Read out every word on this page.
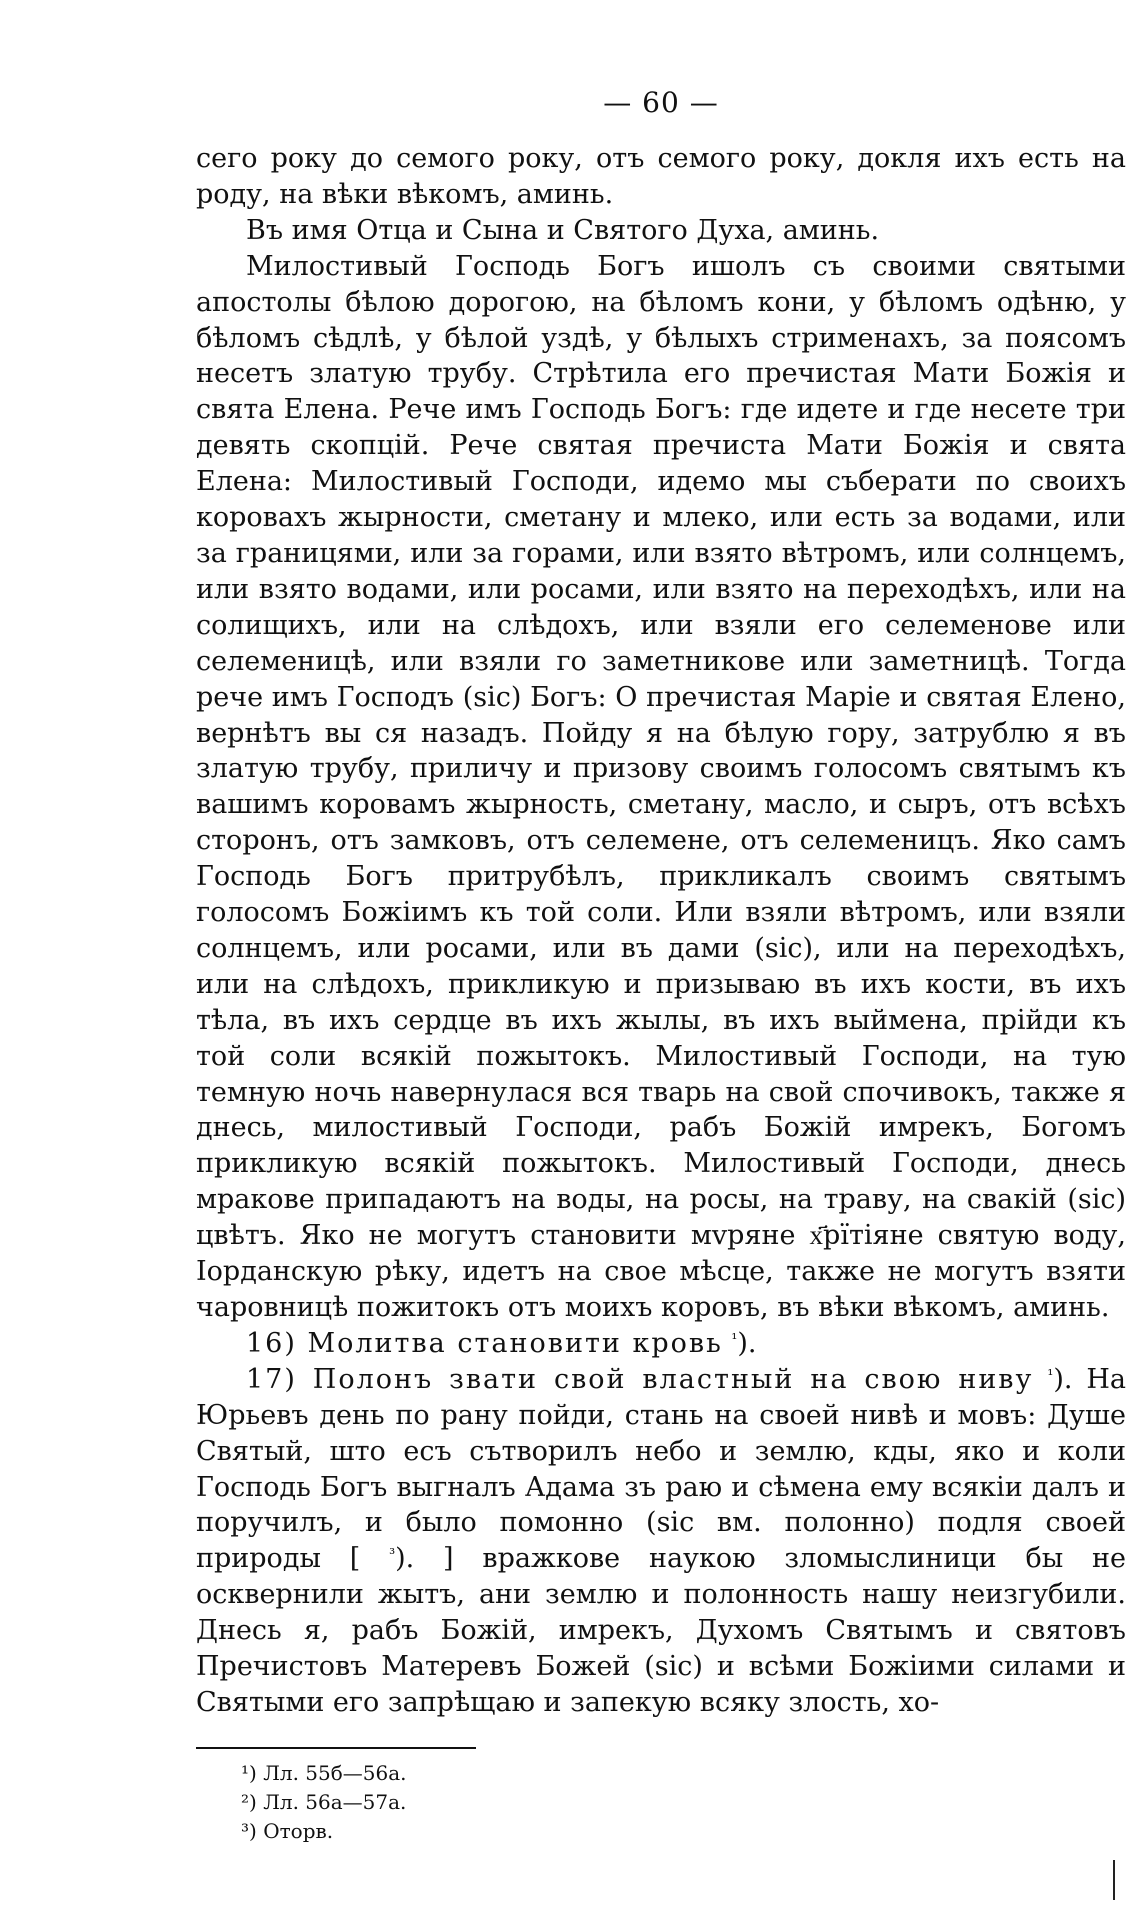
— 60 —

сего року до семого року, отъ семого року, докля ихъ есть на роду, на вѣки вѣкомъ, аминь.

Въ имя Отца и Сына и Святого Духа, аминь.

Милостивый Господь Богъ ишолъ съ своими святыми апостолы бѣлою дорогою, на бѣломъ кони, у бѣломъ одѣню, у бѣломъ сѣдлѣ, у бѣлой уздѣ, у бѣлыхъ стрименахъ, за поясомъ несетъ златую трубу. Стрѣтила его пречистая Мати Божія и свята Елена. Рече имъ Господь Богъ: где идете и где несете три девять скопцій. Рече святая пречиста Мати Божія и свята Елена: Милостивый Господи, идемо мы съберати по своихъ коровахъ жырности, сметану и млеко, или есть за водами, или за границями, или за горами, или взято вѣтромъ, или солнцемъ, или взято водами, или росами, или взято на переходѣхъ, или на солищихъ, или на слѣдохъ, или взяли его селеменове или селеменицѣ, или взяли го заметникове или заметницѣ. Тогда рече имъ Господъ (sic) Богъ: О пречистая Маріе и святая Елено, вернѣтъ вы ся назадъ. Пойду я на бѣлую гору, затрублю я въ златую трубу, приличу и призову своимъ голосомъ святымъ къ вашимъ коровамъ жырность, сметану, масло, и сыръ, отъ всѣхъ сторонъ, отъ замковъ, отъ селемене, отъ селеменицъ. Яко самъ Господь Богъ притрубѣлъ, прикликалъ своимъ святымъ голосомъ Божіимъ къ той соли. Или взяли вѣтромъ, или взяли солнцемъ, или росами, или въ дами (sic), или на переходѣхъ, или на слѣдохъ, прикликую и призываю въ ихъ кости, въ ихъ тѣла, въ ихъ сердце въ ихъ жылы, въ ихъ выймена, прійди къ той соли всякій пожытокъ. Милостивый Господи, на тую темную ночь навернулася вся тварь на свой спочивокъ, также я днесь, милостивый Господи, рабъ Божій имрекъ, Богомъ прикликую всякій пожытокъ. Милостивый Господи, днесь мракове припадаютъ на воды, на росы, на траву, на свакій (sic) цвѣтъ. Яко не могутъ становити мvряне х҃рїтiяне святую воду, Іорданскую рѣку, идетъ на свое мѣсце, также не могутъ взяти чаровницѣ пожитокъ отъ моихъ коровъ, въ вѣки вѣкомъ, аминь.

16) Молитва становити кровь $^{^1}$).

17) Полонъ звати свой властный на свою ниву $^{^1}$). На Юрьевъ день по рану пойди, стань на своей нивѣ и мовъ: Душе Святый, што есъ сътворилъ небо и землю, кды, яко и коли Господь Богъ выгналъ Адама зъ раю и сѣмена ему всякіи далъ и поручилъ, и было помонно (sic вм. полонно) подля своей природы [ $^{^3}$). ] вражкове наукою зломыслиници бы не осквернили жытъ, ани землю и полонность нашу неизгубили. Днесь я, рабъ Божій, имрекъ, Духомъ Святымъ и святовъ Пречистовъ Матеревъ Божей (sic) и всѣми Божіими силами и Святыми его запрѣщаю и запекую всяку злость, хо-

¹) Лл. 55б—56а.

²) Лл. 56а—57а.

³) Оторв.
